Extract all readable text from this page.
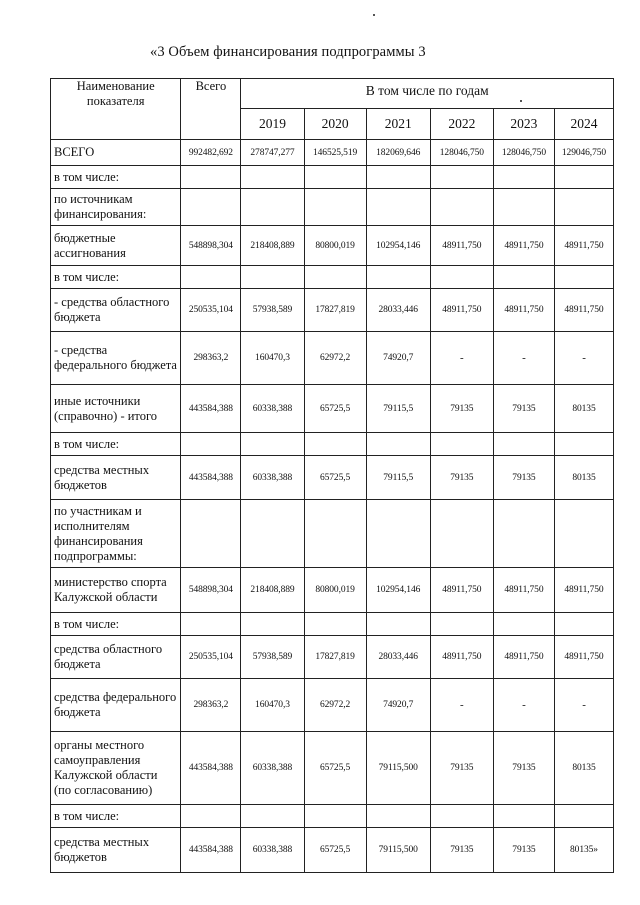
«3 Объем финансирования подпрограммы 3
Наименование показателя	Всего	В том числе по годам					
		2019	2020	2021	2022	2023	2024
ВСЕГО	992482,692	278747,277	146525,519	182069,646	128046,750	128046,750	129046,750
в том числе:							
по источникам финансирования:							
бюджетные ассигнования	548898,304	218408,889	80800,019	102954,146	48911,750	48911,750	48911,750
в том числе:							
- средства областного бюджета	250535,104	57938,589	17827,819	28033,446	48911,750	48911,750	48911,750
- средства федерального бюджета	298363,2	160470,3	62972,2	74920,7	-	-	-
иные источники (справочно) - итого	443584,388	60338,388	65725,5	79115,5	79135	79135	80135
в том числе:							
средства местных бюджетов	443584,388	60338,388	65725,5	79115,5	79135	79135	80135
по участникам и исполнителям финансирования подпрограммы:							
министерство спорта Калужской области	548898,304	218408,889	80800,019	102954,146	48911,750	48911,750	48911,750
в том числе:							
средства областного бюджета	250535,104	57938,589	17827,819	28033,446	48911,750	48911,750	48911,750
средства федерального бюджета	298363,2	160470,3	62972,2	74920,7	-	-	-
органы местного самоуправления Калужской области (по согласованию)	443584,388	60338,388	65725,5	79115,500	79135	79135	80135
в том числе:							
средства местных бюджетов	443584,388	60338,388	65725,5	79115,500	79135	79135	80135»
